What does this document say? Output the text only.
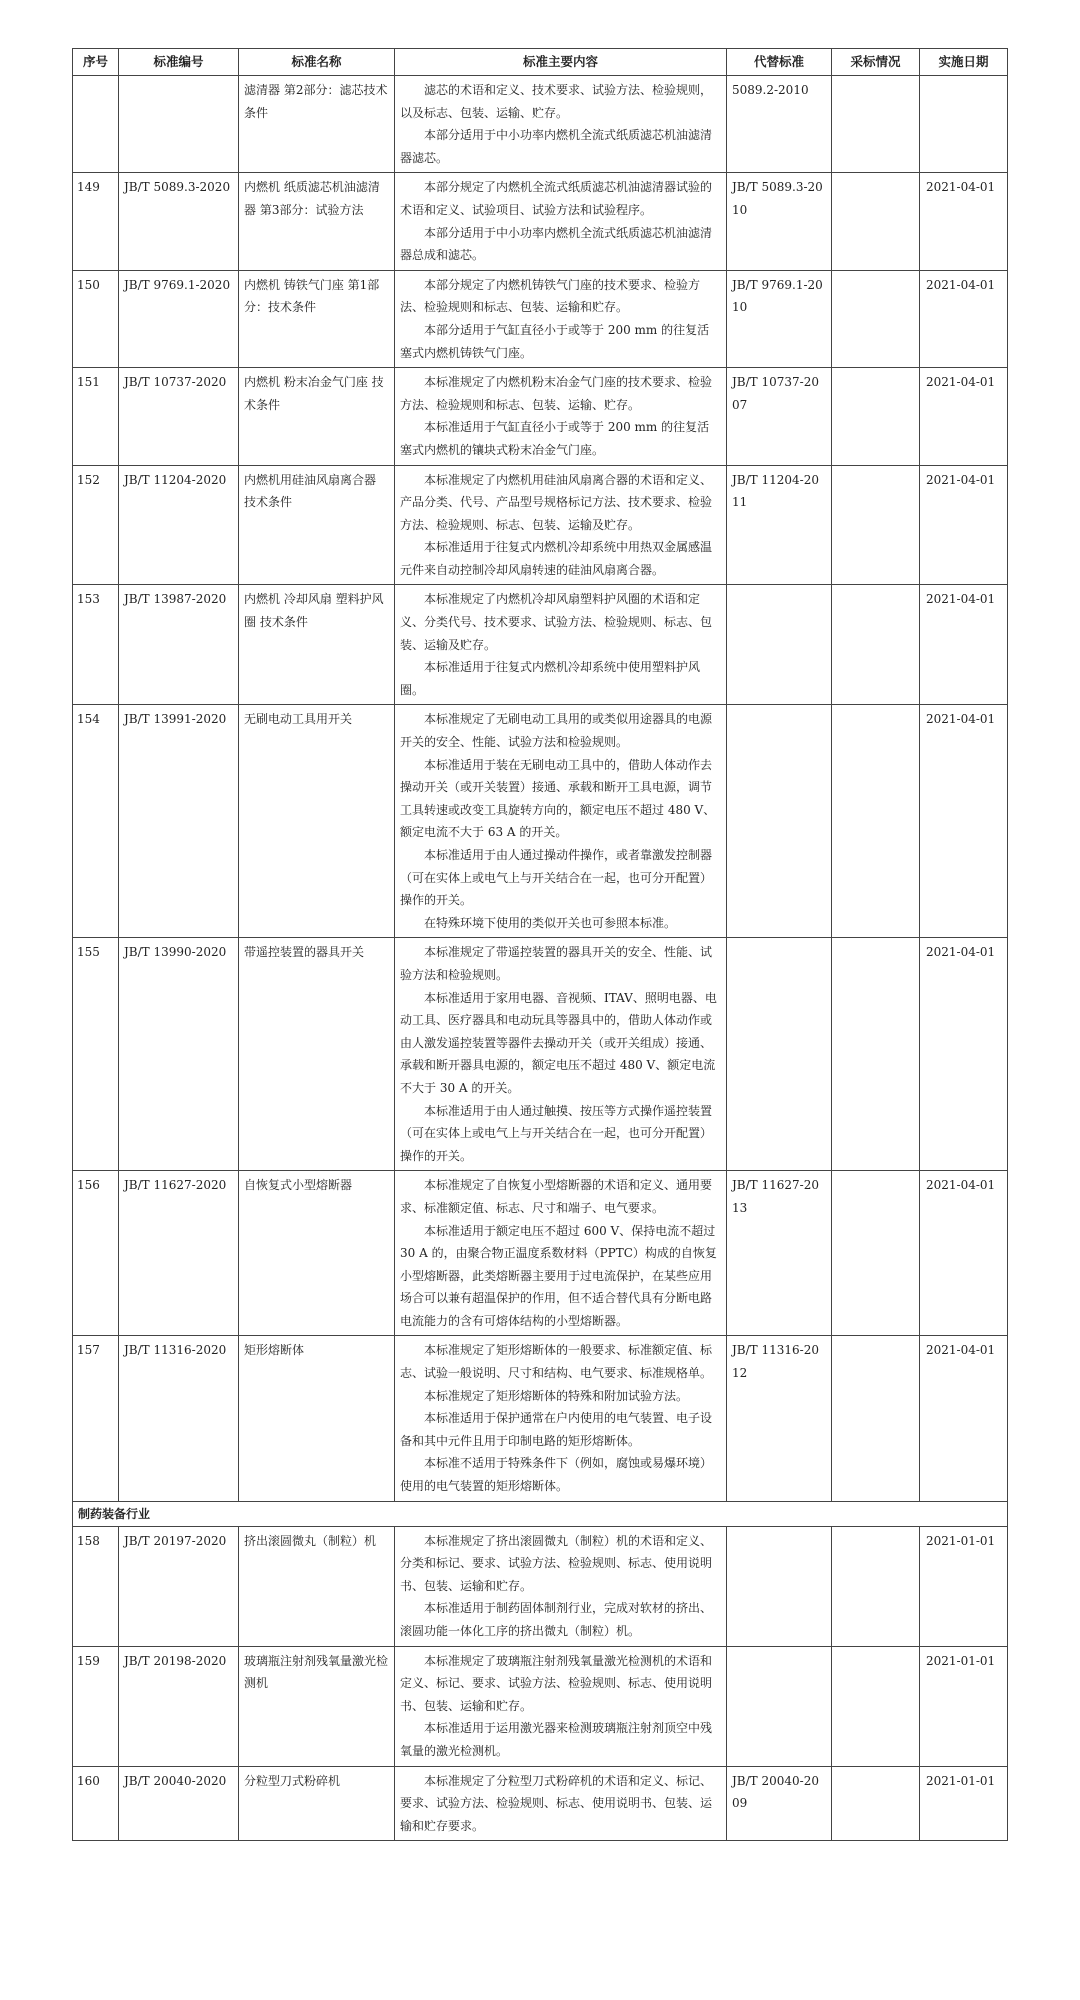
序号	标准编号	标准名称	标准主要内容	代替标准	采标情况	实施日期
		滤清器 第2部分：滤芯技术条件	滤芯的术语和定义、技术要求、试验方法、检验规则，以及标志、包装、运输、贮存。

本部分适用于中小功率内燃机全流式纸质滤芯机油滤清器滤芯。	5089.2-2010		
149	JB/T 5089.3-2020	内燃机 纸质滤芯机油滤清器 第3部分：试验方法	本部分规定了内燃机全流式纸质滤芯机油滤清器试验的术语和定义、试验项目、试验方法和试验程序。

本部分适用于中小功率内燃机全流式纸质滤芯机油滤清器总成和滤芯。	JB/T 5089.3-2010		2021-04-01
150	JB/T 9769.1-2020	内燃机 铸铁气门座 第1部分：技术条件	本部分规定了内燃机铸铁气门座的技术要求、检验方法、检验规则和标志、包装、运输和贮存。

本部分适用于气缸直径小于或等于 200 mm 的往复活塞式内燃机铸铁气门座。	JB/T 9769.1-2010		2021-04-01
151	JB/T 10737-2020	内燃机 粉末冶金气门座 技术条件	本标准规定了内燃机粉末冶金气门座的技术要求、检验方法、检验规则和标志、包装、运输、贮存。

本标准适用于气缸直径小于或等于 200 mm 的往复活塞式内燃机的镶块式粉末冶金气门座。	JB/T 10737-2007		2021-04-01
152	JB/T 11204-2020	内燃机用硅油风扇离合器 技术条件	本标准规定了内燃机用硅油风扇离合器的术语和定义、产品分类、代号、产品型号规格标记方法、技术要求、检验方法、检验规则、标志、包装、运输及贮存。

本标准适用于往复式内燃机冷却系统中用热双金属感温元件来自动控制冷却风扇转速的硅油风扇离合器。	JB/T 11204-2011		2021-04-01
153	JB/T 13987-2020	内燃机 冷却风扇 塑料护风圈 技术条件	本标准规定了内燃机冷却风扇塑料护风圈的术语和定义、分类代号、技术要求、试验方法、检验规则、标志、包装、运输及贮存。

本标准适用于往复式内燃机冷却系统中使用塑料护风圈。			2021-04-01
154	JB/T 13991-2020	无刷电动工具用开关	本标准规定了无刷电动工具用的或类似用途器具的电源开关的安全、性能、试验方法和检验规则。

本标准适用于装在无刷电动工具中的，借助人体动作去操动开关（或开关装置）接通、承载和断开工具电源，调节工具转速或改变工具旋转方向的，额定电压不超过 480 V、额定电流不大于 63 A 的开关。

本标准适用于由人通过操动件操作，或者靠激发控制器（可在实体上或电气上与开关结合在一起，也可分开配置）操作的开关。

在特殊环境下使用的类似开关也可参照本标准。			2021-04-01
155	JB/T 13990-2020	带遥控装置的器具开关	本标准规定了带遥控装置的器具开关的安全、性能、试验方法和检验规则。

本标准适用于家用电器、音视频、ITAV、照明电器、电动工具、医疗器具和电动玩具等器具中的，借助人体动作或由人激发遥控装置等器件去操动开关（或开关组成）接通、承载和断开器具电源的，额定电压不超过 480 V、额定电流不大于 30 A 的开关。

本标准适用于由人通过触摸、按压等方式操作遥控装置（可在实体上或电气上与开关结合在一起，也可分开配置）操作的开关。			2021-04-01
156	JB/T 11627-2020	自恢复式小型熔断器	本标准规定了自恢复小型熔断器的术语和定义、通用要求、标准额定值、标志、尺寸和端子、电气要求。

本标准适用于额定电压不超过 600 V、保持电流不超过 30 A 的，由聚合物正温度系数材料（PPTC）构成的自恢复小型熔断器，此类熔断器主要用于过电流保护，在某些应用场合可以兼有超温保护的作用，但不适合替代具有分断电路电流能力的含有可熔体结构的小型熔断器。	JB/T 11627-2013		2021-04-01
157	JB/T 11316-2020	矩形熔断体	本标准规定了矩形熔断体的一般要求、标准额定值、标志、试验一般说明、尺寸和结构、电气要求、标准规格单。

本标准规定了矩形熔断体的特殊和附加试验方法。

本标准适用于保护通常在户内使用的电气装置、电子设备和其中元件且用于印制电路的矩形熔断体。

本标准不适用于特殊条件下（例如，腐蚀或易爆环境）使用的电气装置的矩形熔断体。	JB/T 11316-2012		2021-04-01
制药装备行业						
158	JB/T 20197-2020	挤出滚圆微丸（制粒）机	本标准规定了挤出滚圆微丸（制粒）机的术语和定义、分类和标记、要求、试验方法、检验规则、标志、使用说明书、包装、运输和贮存。

本标准适用于制药固体制剂行业，完成对软材的挤出、滚圆功能一体化工序的挤出微丸（制粒）机。			2021-01-01
159	JB/T 20198-2020	玻璃瓶注射剂残氧量激光检测机	本标准规定了玻璃瓶注射剂残氧量激光检测机的术语和定义、标记、要求、试验方法、检验规则、标志、使用说明书、包装、运输和贮存。

本标准适用于运用激光器来检测玻璃瓶注射剂顶空中残氧量的激光检测机。			2021-01-01
160	JB/T 20040-2020	分粒型刀式粉碎机	本标准规定了分粒型刀式粉碎机的术语和定义、标记、要求、试验方法、检验规则、标志、使用说明书、包装、运输和贮存要求。	JB/T 20040-2009		2021-01-01
